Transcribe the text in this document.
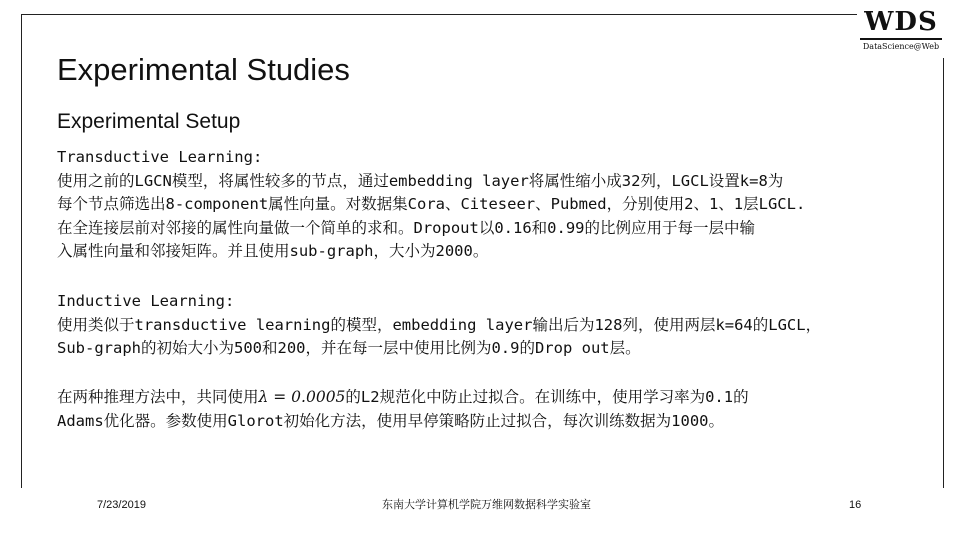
WDS
DataScience@Web
Experimental Studies
Experimental Setup
Transductive Learning:
使用之前的LGCN模型，将属性较多的节点，通过embedding layer将属性缩小成32列，LGCL设置k=8为
每个节点筛选出8-component属性向量。对数据集Cora、Citeseer、Pubmed，分别使用2、1、1层LGCL.
在全连接层前对邻接的属性向量做一个简单的求和。Dropout以0.16和0.99的比例应用于每一层中输
入属性向量和邻接矩阵。并且使用sub-graph，大小为2000。
Inductive Learning:
使用类似于transductive learning的模型，embedding layer输出后为128列，使用两层k=64的LGCL，
Sub-graph的初始大小为500和200，并在每一层中使用比例为0.9的Drop out层。
在两种推理方法中，共同使用λ = 0.0005的L2规范化中防止过拟合。在训练中，使用学习率为0.1的
Adams优化器。参数使用Glorot初始化方法，使用早停策略防止过拟合，每次训练数据为1000。
7/23/2019	东南大学计算机学院万维网数据科学实验室	16
